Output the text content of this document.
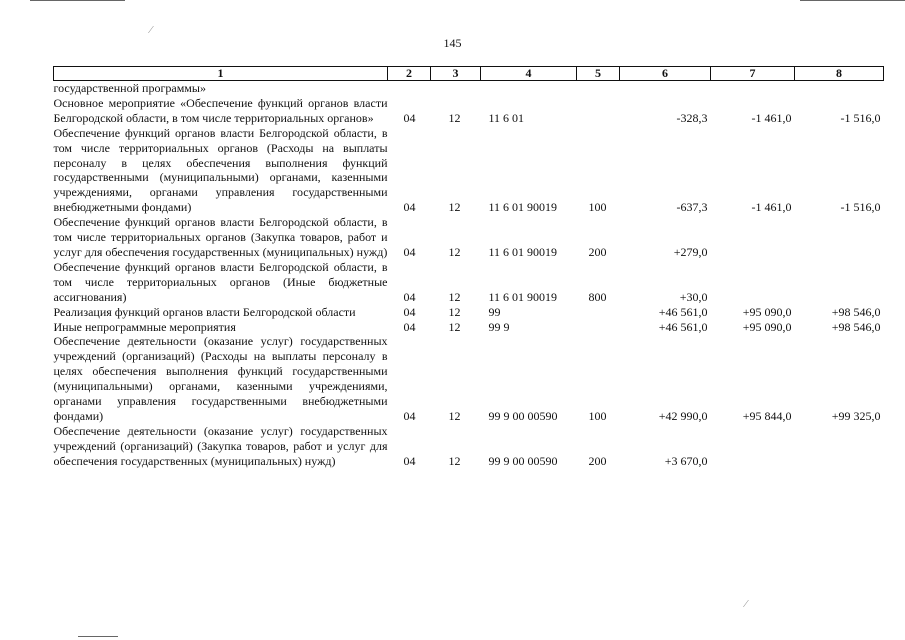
⁄
145
1	2	3	4	5	6	7	8
государственной программы»							
Основное мероприятие «Обеспечение функций органов власти Белгородской области, в том числе территориальных органов»	04	12	11 6 01		-328,3	-1 461,0	-1 516,0
Обеспечение функций органов власти Белгородской области, в том числе территориальных органов (Расходы на выплаты персоналу в целях обеспечения выполнения функций государственными (муниципальными) органами, казенными учреждениями, органами управления государственными внебюджетными фондами)	04	12	11 6 01 90019	100	-637,3	-1 461,0	-1 516,0
Обеспечение функций органов власти Белгородской области, в том числе территориальных органов (Закупка товаров, работ и услуг для обеспечения государственных (муниципальных) нужд)	04	12	11 6 01 90019	200	+279,0		
Обеспечение функций органов власти Белгородской области, в том числе территориальных органов (Иные бюджетные ассигнования)	04	12	11 6 01 90019	800	+30,0		
Реализация функций органов власти Белгородской области	04	12	99		+46 561,0	+95 090,0	+98 546,0
Иные непрограммные мероприятия	04	12	99 9		+46 561,0	+95 090,0	+98 546,0
Обеспечение деятельности (оказание услуг) государственных учреждений (организаций) (Расходы на выплаты персоналу в целях обеспечения выполнения функций государственными (муниципальными) органами, казенными учреждениями, органами управления государственными внебюджетными фондами)	04	12	99 9 00 00590	100	+42 990,0	+95 844,0	+99 325,0
Обеспечение деятельности (оказание услуг) государственных учреждений (организаций) (Закупка товаров, работ и услуг для обеспечения государственных (муниципальных) нужд)	04	12	99 9 00 00590	200	+3 670,0		
⁄
